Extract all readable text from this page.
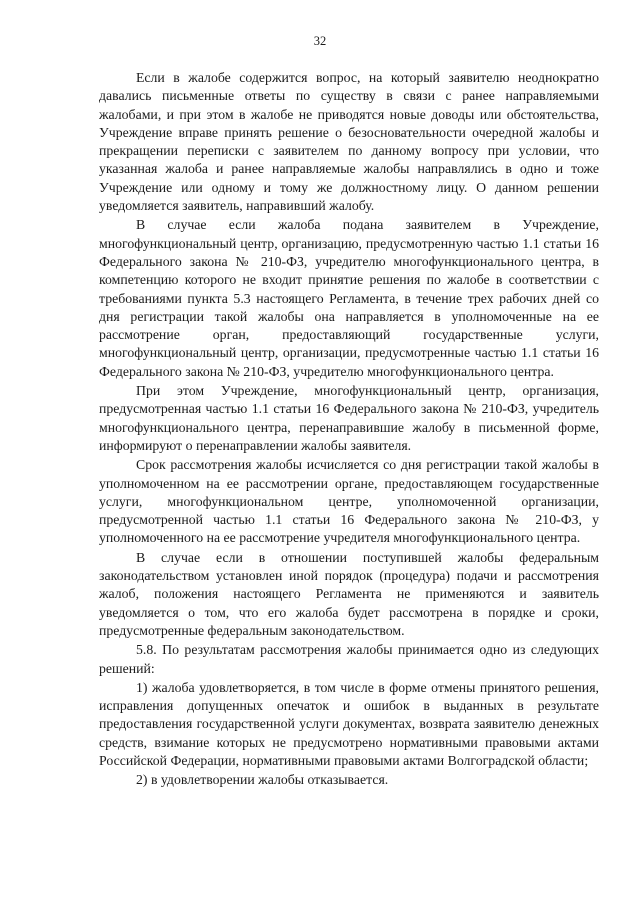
32

Если в жалобе содержится вопрос, на который заявителю неоднократно давались письменные ответы по существу в связи с ранее направляемыми жалобами, и при этом в жалобе не приводятся новые доводы или обстоятельства, Учреждение вправе принять решение о безосновательности очередной жалобы и прекращении переписки с заявителем по данному вопросу при условии, что указанная жалоба и ранее направляемые жалобы направлялись в одно и тоже Учреждение или одному и тому же должностному лицу. О данном решении уведомляется заявитель, направивший жалобу.

В случае если жалоба подана заявителем в Учреждение, многофункциональный центр, организацию, предусмотренную частью 1.1 статьи 16 Федерального закона № 210-ФЗ, учредителю многофункционального центра, в компетенцию которого не входит принятие решения по жалобе в соответствии с требованиями пункта 5.3 настоящего Регламента, в течение трех рабочих дней со дня регистрации такой жалобы она направляется в уполномоченные на ее рассмотрение орган, предоставляющий государственные услуги, многофункциональный центр, организации, предусмотренные частью 1.1 статьи 16 Федерального закона № 210-ФЗ, учредителю многофункционального центра.

При этом Учреждение, многофункциональный центр, организация, предусмотренная частью 1.1 статьи 16 Федерального закона № 210-ФЗ, учредитель многофункционального центра, перенаправившие жалобу в письменной форме, информируют о перенаправлении жалобы заявителя.

Срок рассмотрения жалобы исчисляется со дня регистрации такой жалобы в уполномоченном на ее рассмотрении органе, предоставляющем государственные услуги, многофункциональном центре, уполномоченной организации, предусмотренной частью 1.1 статьи 16 Федерального закона № 210-ФЗ, у уполномоченного на ее рассмотрение учредителя многофункционального центра.

В случае если в отношении поступившей жалобы федеральным законодательством установлен иной порядок (процедура) подачи и рассмотрения жалоб, положения настоящего Регламента не применяются и заявитель уведомляется о том, что его жалоба будет рассмотрена в порядке и сроки, предусмотренные федеральным законодательством.

5.8. По результатам рассмотрения жалобы принимается одно из следующих решений:

1) жалоба удовлетворяется, в том числе в форме отмены принятого решения, исправления допущенных опечаток и ошибок в выданных в результате предоставления государственной услуги документах, возврата заявителю денежных средств, взимание которых не предусмотрено нормативными правовыми актами Российской Федерации, нормативными правовыми актами Волгоградской области;

2) в удовлетворении жалобы отказывается.
